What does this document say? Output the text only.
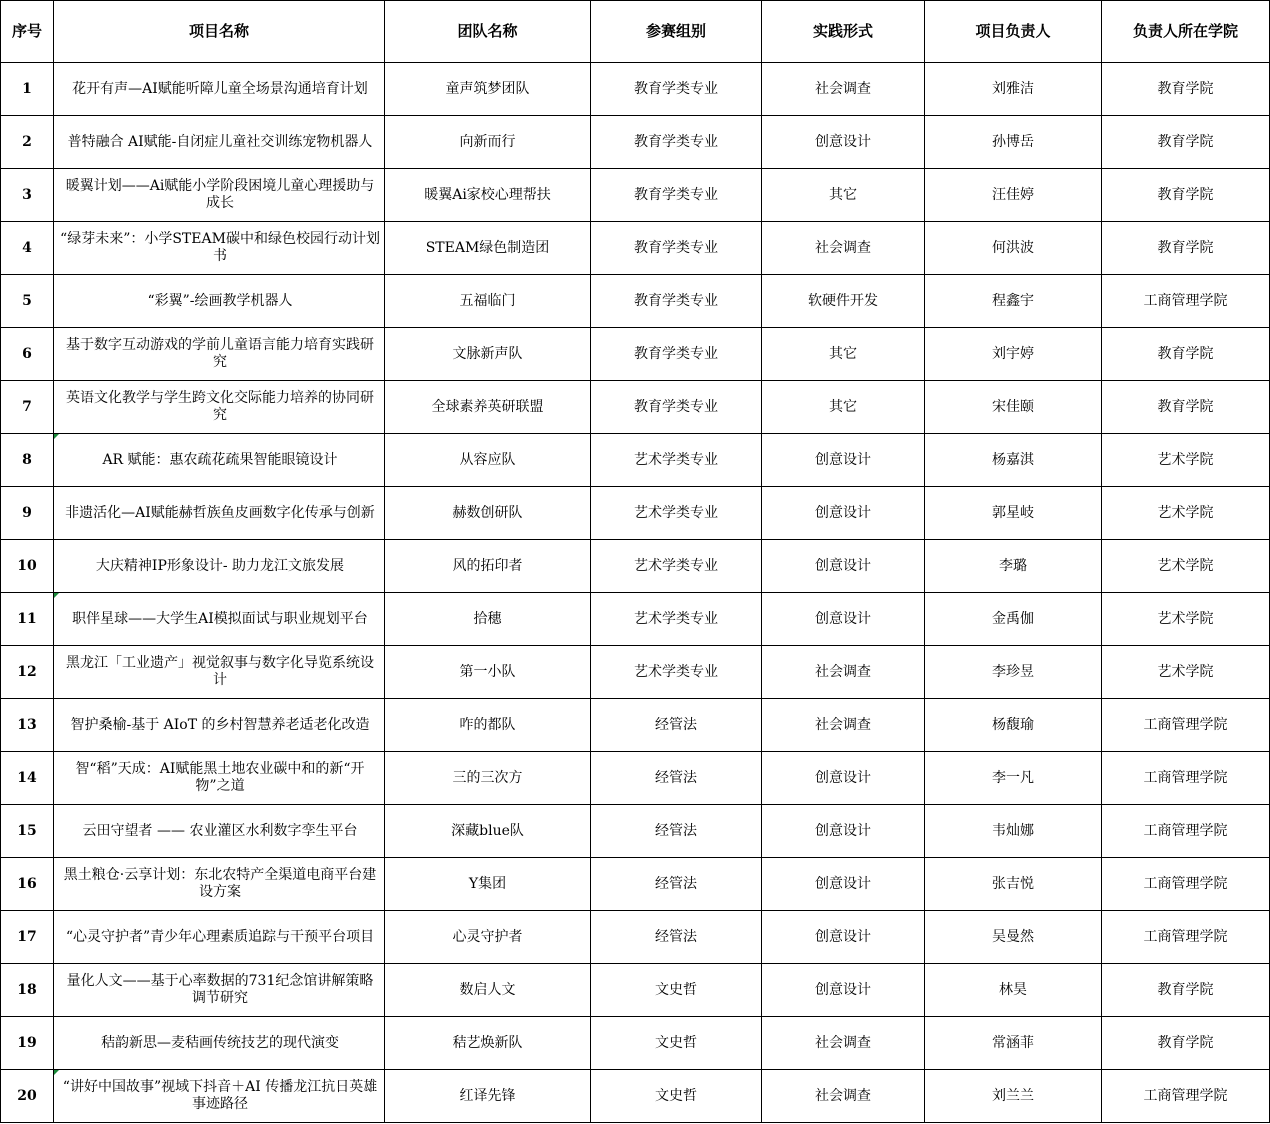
序号	项目名称	团队名称	参赛组别	实践形式	项目负责人	负责人所在学院
1	花开有声—AI赋能听障儿童全场景沟通培育计划	童声筑梦团队	教育学类专业	社会调查	刘雅洁	教育学院
2	普特融合 AI赋能-自闭症儿童社交训练宠物机器人	向新而行	教育学类专业	创意设计	孙博岳	教育学院
3	暖翼计划——Ai赋能小学阶段困境儿童心理援助与成长	暖翼Ai家校心理帮扶	教育学类专业	其它	汪佳婷	教育学院
4	“绿芽未来”：小学STEAM碳中和绿色校园行动计划书	STEAM绿色制造团	教育学类专业	社会调查	何洪波	教育学院
5	“彩翼”-绘画教学机器人	五福临门	教育学类专业	软硬件开发	程鑫宇	工商管理学院
6	基于数字互动游戏的学前儿童语言能力培育实践研究	文脉新声队	教育学类专业	其它	刘宇婷	教育学院
7	英语文化教学与学生跨文化交际能力培养的协同研究	全球素养英研联盟	教育学类专业	其它	宋佳颐	教育学院
8	AR 赋能：惠农疏花疏果智能眼镜设计	从容应队	艺术学类专业	创意设计	杨嘉淇	艺术学院
9	非遗活化—AI赋能赫哲族鱼皮画数字化传承与创新	赫数创研队	艺术学类专业	创意设计	郭星岐	艺术学院
10	大庆精神IP形象设计- 助力龙江文旅发展	风的拓印者	艺术学类专业	创意设计	李璐	艺术学院
11	职伴星球——大学生AI模拟面试与职业规划平台	拾穗	艺术学类专业	创意设计	金禹伽	艺术学院
12	黑龙江「工业遗产」视觉叙事与数字化导览系统设计	第一小队	艺术学类专业	社会调查	李珍昱	艺术学院
13	智护桑榆-基于 AIoT 的乡村智慧养老适老化改造	咋的都队	经管法	社会调查	杨馥瑜	工商管理学院
14	智“稻”天成：AI赋能黑土地农业碳中和的新“开物”之道	三的三次方	经管法	创意设计	李一凡	工商管理学院
15	云田守望者 —— 农业灌区水利数字孪生平台	深藏blue队	经管法	创意设计	韦灿娜	工商管理学院
16	黑土粮仓·云享计划：东北农特产全渠道电商平台建设方案	Y集团	经管法	创意设计	张吉悦	工商管理学院
17	“心灵守护者”青少年心理素质追踪与干预平台项目	心灵守护者	经管法	创意设计	吴曼然	工商管理学院
18	量化人文——基于心率数据的731纪念馆讲解策略调节研究	数启人文	文史哲	创意设计	林昊	教育学院
19	秸韵新思—麦秸画传统技艺的现代演变	秸艺焕新队	文史哲	社会调查	常涵菲	教育学院
20	“讲好中国故事”视域下抖音＋AI 传播龙江抗日英雄事迹路径	红译先锋	文史哲	社会调查	刘兰兰	工商管理学院
